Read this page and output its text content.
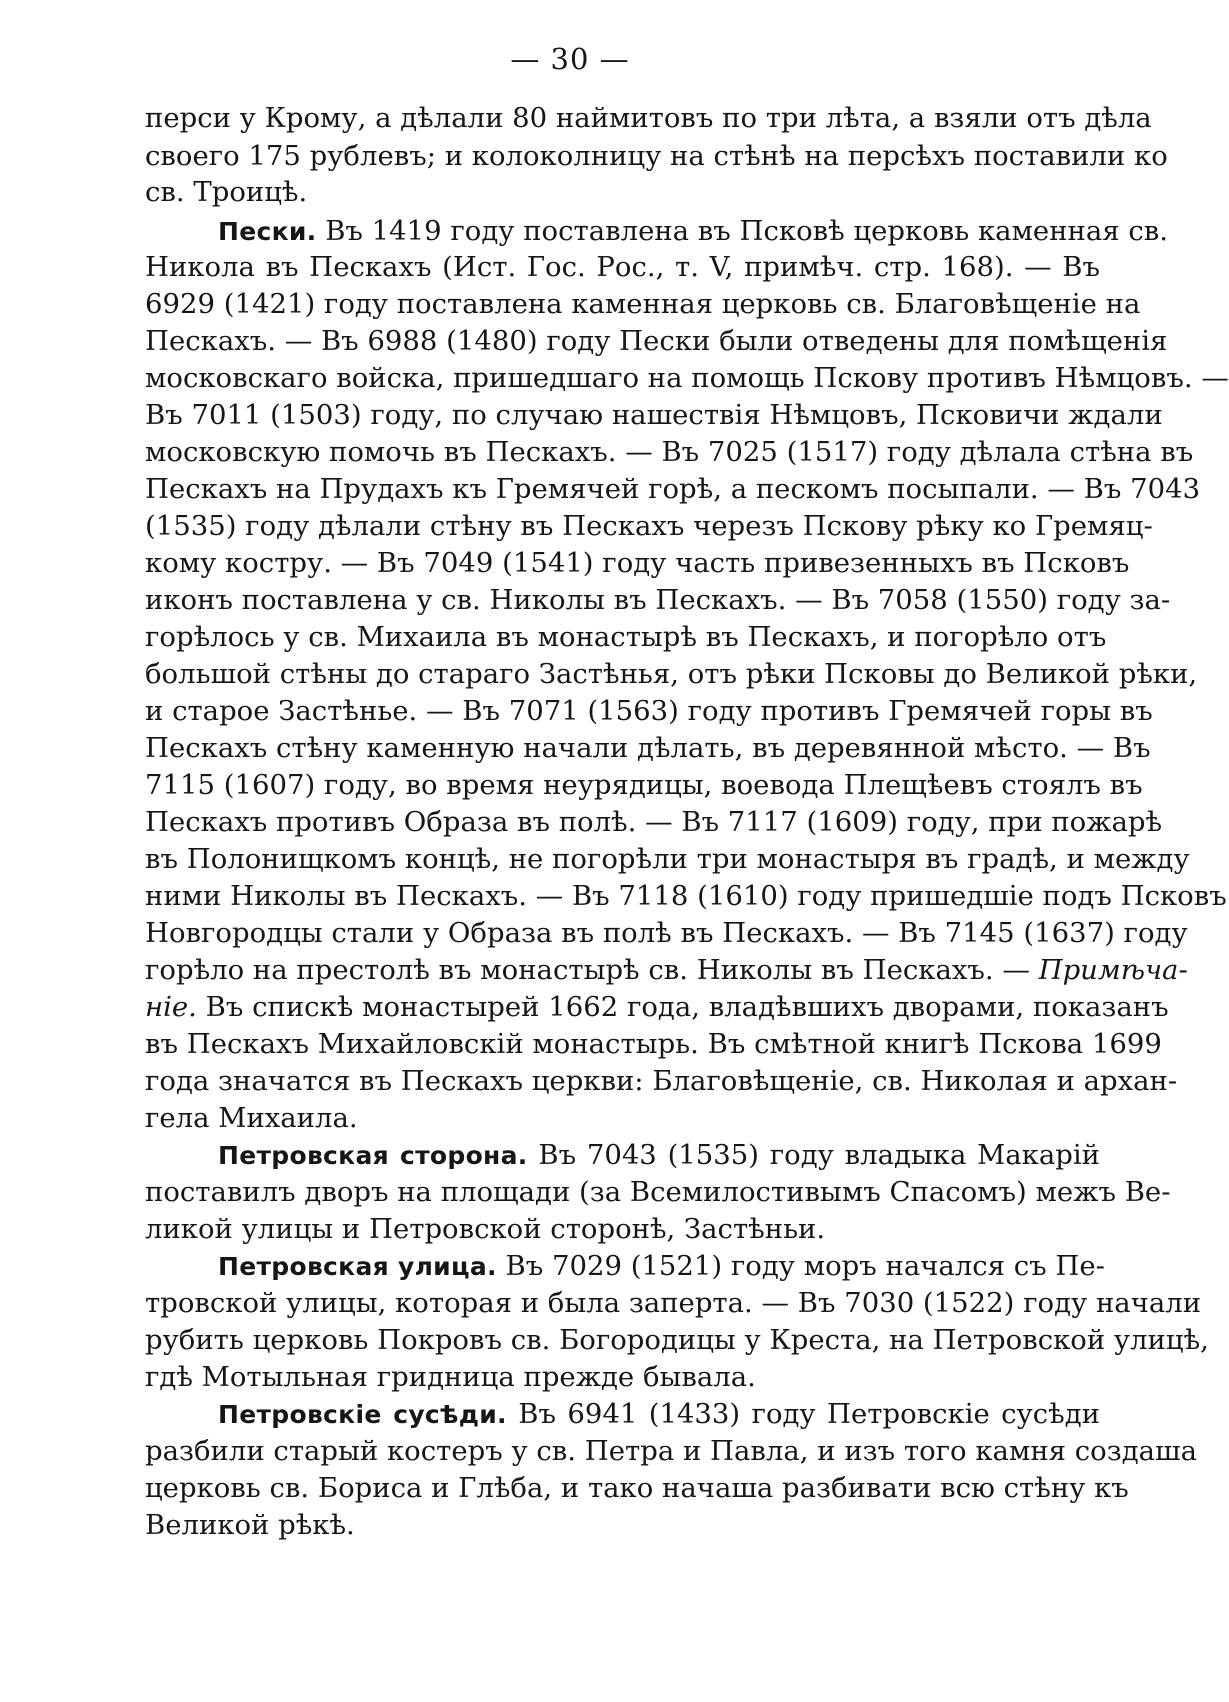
— 30 —
перси у Крому, а дѣлали 80 наймитовъ по три лѣта, а взяли отъ дѣла
своего 175 рублевъ; и колоколницу на стѣнѣ на персѣхъ поставили ко
св. Троицѣ.
Пески. Въ 1419 году поставлена въ Псковѣ церковь каменная св.
Никола въ Пескахъ (Ист. Гос. Рос., т. V, примѣч. стр. 168). — Въ
6929 (1421) году поставлена каменная церковь св. Благовѣщеніе на
Пескахъ. — Въ 6988 (1480) году Пески были отведены для помѣщенія
московскаго войска, пришедшаго на помощь Пскову противъ Нѣмцовъ. —
Въ 7011 (1503) году, по случаю нашествія Нѣмцовъ, Псковичи ждали
московскую помочь въ Пескахъ. — Въ 7025 (1517) году дѣлала стѣна въ
Пескахъ на Прудахъ къ Гремячей горѣ, а пескомъ посыпали. — Въ 7043
(1535) году дѣлали стѣну въ Пескахъ черезъ Пскову рѣку ко Гремяц-
кому костру. — Въ 7049 (1541) году часть привезенныхъ въ Псковъ
иконъ поставлена у св. Николы въ Пескахъ. — Въ 7058 (1550) году за-
горѣлось у св. Михаила въ монастырѣ въ Пескахъ, и погорѣло отъ
большой стѣны до стараго Застѣнья, отъ рѣки Псковы до Великой рѣки,
и старое Застѣнье. — Въ 7071 (1563) году противъ Гремячей горы въ
Пескахъ стѣну каменную начали дѣлать, въ деревянной мѣсто. — Въ
7115 (1607) году, во время неурядицы, воевода Плещѣевъ стоялъ въ
Пескахъ противъ Образа въ полѣ. — Въ 7117 (1609) году, при пожарѣ
въ Полонищкомъ концѣ, не погорѣли три монастыря въ градѣ, и между
ними Николы въ Пескахъ. — Въ 7118 (1610) году пришедшіе подъ Псковъ
Новгородцы стали у Образа въ полѣ въ Пескахъ. — Въ 7145 (1637) году
горѣло на престолѣ въ монастырѣ св. Николы въ Пескахъ. — Примѣча-
ніе. Въ спискѣ монастырей 1662 года, владѣвшихъ дворами, показанъ
въ Пескахъ Михайловскій монастырь. Въ смѣтной книгѣ Пскова 1699
года значатся въ Пескахъ церкви: Благовѣщеніе, св. Николая и архан-
гела Михаила.
Петровская сторона. Въ 7043 (1535) году владыка Макарій
поставилъ дворъ на площади (за Всемилостивымъ Спасомъ) межъ Ве-
ликой улицы и Петровской сторонѣ, Застѣньи.
Петровская улица. Въ 7029 (1521) году моръ начался съ Пе-
тровской улицы, которая и была заперта. — Въ 7030 (1522) году начали
рубить церковь Покровъ св. Богородицы у Креста, на Петровской улицѣ,
гдѣ Мотыльная гридница прежде бывала.
Петровскіе сусѣди. Въ 6941 (1433) году Петровскіе сусѣди
разбили старый костеръ у св. Петра и Павла, и изъ того камня создаша
церковь св. Бориса и Глѣба, и тако начаша разбивати всю стѣну къ
Великой рѣкѣ.
